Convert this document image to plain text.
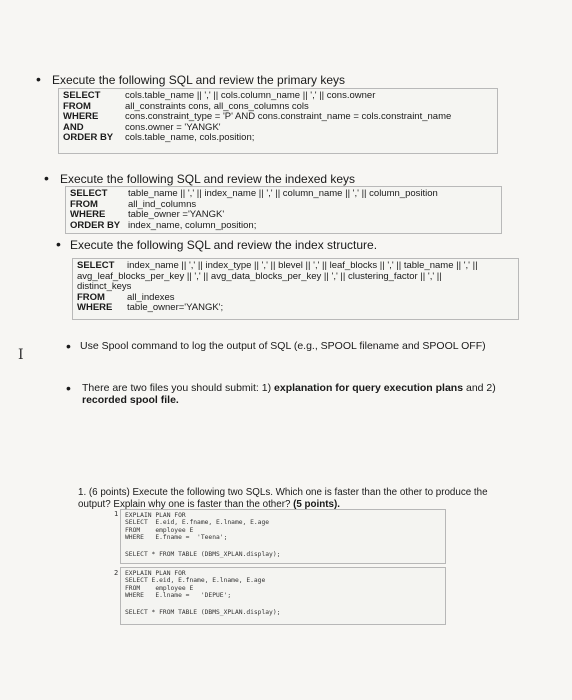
• Execute the following SQL and review the primary keys
SELECT	cols.table_name || ',' || cols.column_name || ',' || cons.owner
FROM	all_constraints cons, all_cons_columns cols
WHERE	cons.constraint_type = 'P' AND cons.constraint_name = cols.constraint_name
AND	cons.owner = 'YANGK'
ORDER BY	cols.table_name, cols.position;
• Execute the following SQL and review the indexed keys
SELECT	table_name || ',' || index_name || ',' || column_name || ',' || column_position
FROM	all_ind_columns
WHERE	table_owner ='YANGK'
ORDER BY index_name, column_position;
• Execute the following SQL and review the index structure.
SELECT	index_name || ',' || index_type || ',' || blevel || ',' || leaf_blocks || ',' || table_name || ',' ||
avg_leaf_blocks_per_key || ',' || avg_data_blocks_per_key || ',' || clustering_factor || ',' ||
distinct_keys
FROM	all_indexes
WHERE	table_owner='YANGK';
I
• Use Spool command to log the output of SQL (e.g., SPOOL filename and SPOOL OFF)
• There are two files you should submit: 1) explanation for query execution plans and 2) recorded spool file.
1. (6 points) Execute the following two SQLs. Which one is faster than the other to produce the output? Explain why one is faster than the other? (5 points).
1 EXPLAIN PLAN FOR
SELECT  E.eid, E.fname, E.lname, E.age
FROM    employee E
WHERE   E.fname =  'Teena';
SELECT * FROM TABLE (DBMS_XPLAN.display);
2 EXPLAIN PLAN FOR
SELECT E.eid, E.fname, E.lname, E.age
FROM    employee E
WHERE   E.lname =   'DEPUE';
SELECT * FROM TABLE (DBMS_XPLAN.display);
